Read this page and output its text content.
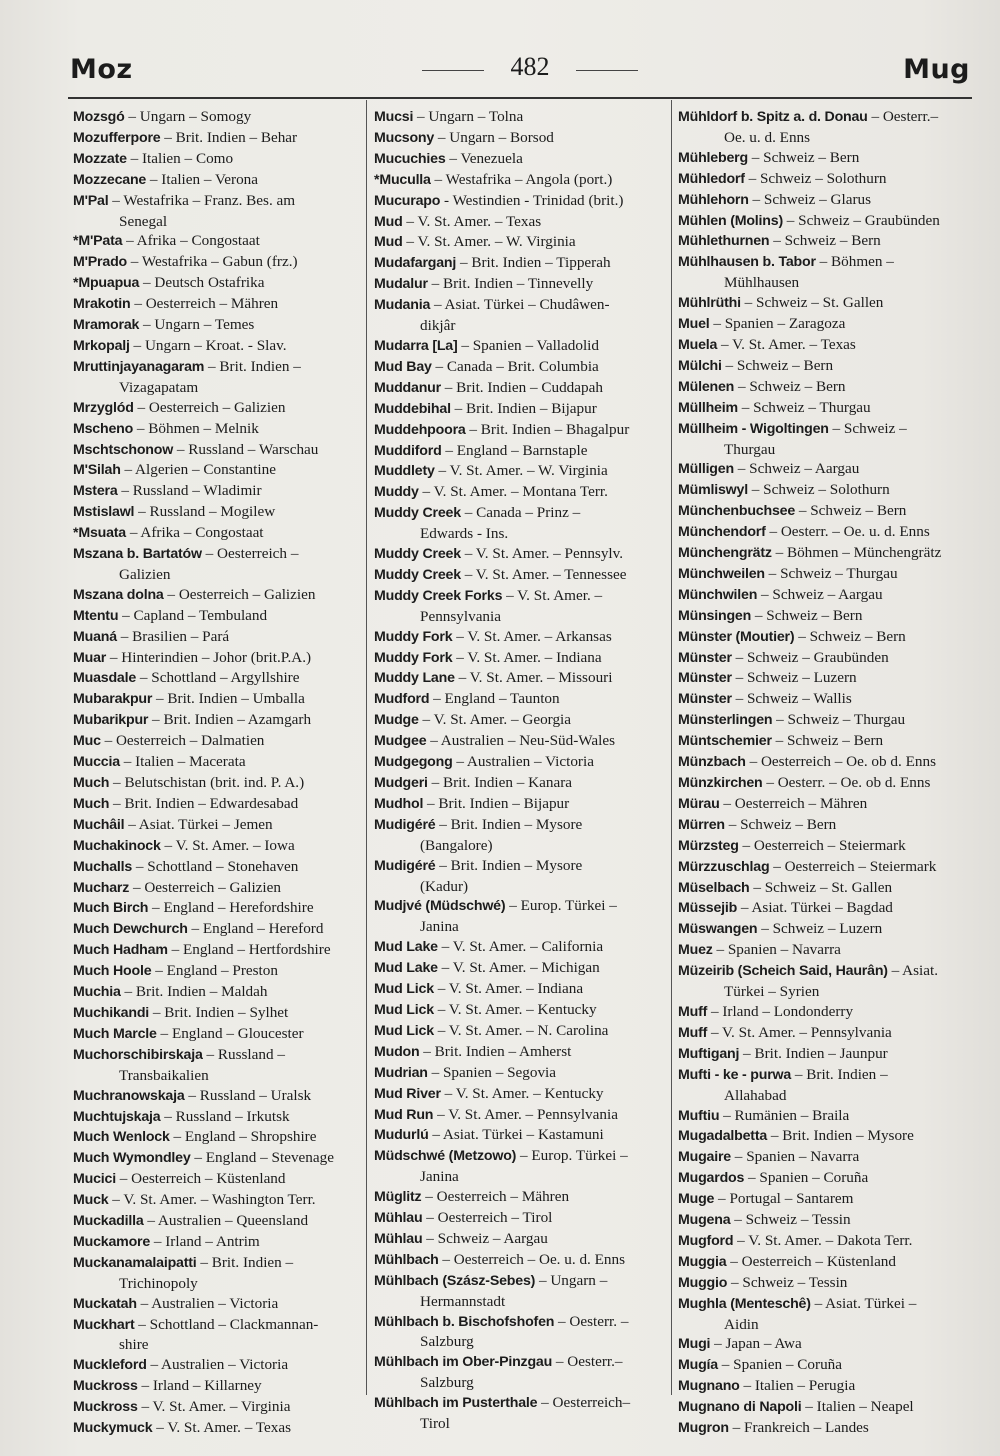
Moz	482	Mug
Mozsgó – Ungarn – Somogy
Mozufferpore – Brit. Indien – Behar
Mozzate – Italien – Como
Mozzecane – Italien – Verona
M'Pal – Westafrika – Franz. Bes. am
Senegal
*M'Pata – Afrika – Congostaat
M'Prado – Westafrika – Gabun (frz.)
*Mpuapua – Deutsch Ostafrika
Mrakotin – Oesterreich – Mähren
Mramorak – Ungarn – Temes
Mrkopalj – Ungarn – Kroat. - Slav.
Mruttinjayanagaram – Brit. Indien –
Vizagapatam
Mrzyglód – Oesterreich – Galizien
Mscheno – Böhmen – Melnik
Mschtschonow – Russland – Warschau
M'Silah – Algerien – Constantine
Mstera – Russland – Wladimir
Mstislawl – Russland – Mogilew
*Msuata – Afrika – Congostaat
Mszana b. Bartatów – Oesterreich –
Galizien
Mszana dolna – Oesterreich – Galizien
Mtentu – Capland – Tembuland
Muaná – Brasilien – Pará
Muar – Hinterindien – Johor (brit.P.A.)
Muasdale – Schottland – Argyllshire
Mubarakpur – Brit. Indien – Umballa
Mubarikpur – Brit. Indien – Azamgarh
Muc – Oesterreich – Dalmatien
Muccia – Italien – Macerata
Much – Belutschistan (brit. ind. P. A.)
Much – Brit. Indien – Edwardesabad
Muchâil – Asiat. Türkei – Jemen
Muchakinock – V. St. Amer. – Iowa
Muchalls – Schottland – Stonehaven
Mucharz – Oesterreich – Galizien
Much Birch – England – Herefordshire
Much Dewchurch – England – Hereford
Much Hadham – England – Hertfordshire
Much Hoole – England – Preston
Muchia – Brit. Indien – Maldah
Muchikandi – Brit. Indien – Sylhet
Much Marcle – England – Gloucester
Muchorschibirskaja – Russland –
Transbaikalien
Muchranowskaja – Russland – Uralsk
Muchtujskaja – Russland – Irkutsk
Much Wenlock – England – Shropshire
Much Wymondley – England – Stevenage
Mucici – Oesterreich – Küstenland
Muck – V. St. Amer. – Washington Terr.
Muckadilla – Australien – Queensland
Muckamore – Irland – Antrim
Muckanamalaipatti – Brit. Indien –
Trichinopoly
Muckatah – Australien – Victoria
Muckhart – Schottland – Clackmannan-
shire
Muckleford – Australien – Victoria
Muckross – Irland – Killarney
Muckross – V. St. Amer. – Virginia
Muckymuck – V. St. Amer. – Texas
Mucsi – Ungarn – Tolna
Mucsony – Ungarn – Borsod
Mucuchies – Venezuela
*Muculla – Westafrika – Angola (port.)
Mucurapo - Westindien - Trinidad (brit.)
Mud – V. St. Amer. – Texas
Mud – V. St. Amer. – W. Virginia
Mudafarganj – Brit. Indien – Tipperah
Mudalur – Brit. Indien – Tinnevelly
Mudania – Asiat. Türkei – Chudâwen-
dikjâr
Mudarra [La] – Spanien – Valladolid
Mud Bay – Canada – Brit. Columbia
Muddanur – Brit. Indien – Cuddapah
Muddebihal – Brit. Indien – Bijapur
Muddehpoora – Brit. Indien – Bhagalpur
Muddiford – England – Barnstaple
Muddlety – V. St. Amer. – W. Virginia
Muddy – V. St. Amer. – Montana Terr.
Muddy Creek – Canada – Prinz –
Edwards - Ins.
Muddy Creek – V. St. Amer. – Pennsylv.
Muddy Creek – V. St. Amer. – Tennessee
Muddy Creek Forks – V. St. Amer. –
Pennsylvania
Muddy Fork – V. St. Amer. – Arkansas
Muddy Fork – V. St. Amer. – Indiana
Muddy Lane – V. St. Amer. – Missouri
Mudford – England – Taunton
Mudge – V. St. Amer. – Georgia
Mudgee – Australien – Neu-Süd-Wales
Mudgegong – Australien – Victoria
Mudgeri – Brit. Indien – Kanara
Mudhol – Brit. Indien – Bijapur
Mudigéré – Brit. Indien – Mysore
(Bangalore)
Mudigéré – Brit. Indien – Mysore
(Kadur)
Mudjvé (Müdschwé) – Europ. Türkei –
Janina
Mud Lake – V. St. Amer. – California
Mud Lake – V. St. Amer. – Michigan
Mud Lick – V. St. Amer. – Indiana
Mud Lick – V. St. Amer. – Kentucky
Mud Lick – V. St. Amer. – N. Carolina
Mudon – Brit. Indien – Amherst
Mudrian – Spanien – Segovia
Mud River – V. St. Amer. – Kentucky
Mud Run – V. St. Amer. – Pennsylvania
Mudurlú – Asiat. Türkei – Kastamuni
Müdschwé (Metzowo) – Europ. Türkei –
Janina
Müglitz – Oesterreich – Mähren
Mühlau – Oesterreich – Tirol
Mühlau – Schweiz – Aargau
Mühlbach – Oesterreich – Oe. u. d. Enns
Mühlbach (Szász-Sebes) – Ungarn –
Hermannstadt
Mühlbach b. Bischofshofen – Oesterr. –
Salzburg
Mühlbach im Ober-Pinzgau – Oesterr.–
Salzburg
Mühlbach im Pusterthale – Oesterreich–
Tirol
Mühldorf b. Spitz a. d. Donau – Oesterr.–
Oe. u. d. Enns
Mühleberg – Schweiz – Bern
Mühledorf – Schweiz – Solothurn
Mühlehorn – Schweiz – Glarus
Mühlen (Molins) – Schweiz – Graubünden
Mühlethurnen – Schweiz – Bern
Mühlhausen b. Tabor – Böhmen –
Mühlhausen
Mühlrüthi – Schweiz – St. Gallen
Muel – Spanien – Zaragoza
Muela – V. St. Amer. – Texas
Mülchi – Schweiz – Bern
Mülenen – Schweiz – Bern
Müllheim – Schweiz – Thurgau
Müllheim - Wigoltingen – Schweiz –
Thurgau
Mülligen – Schweiz – Aargau
Mümliswyl – Schweiz – Solothurn
Münchenbuchsee – Schweiz – Bern
Münchendorf – Oesterr. – Oe. u. d. Enns
Münchengrätz – Böhmen – Münchengrätz
Münchweilen – Schweiz – Thurgau
Münchwilen – Schweiz – Aargau
Münsingen – Schweiz – Bern
Münster (Moutier) – Schweiz – Bern
Münster – Schweiz – Graubünden
Münster – Schweiz – Luzern
Münster – Schweiz – Wallis
Münsterlingen – Schweiz – Thurgau
Müntschemier – Schweiz – Bern
Münzbach – Oesterreich – Oe. ob d. Enns
Münzkirchen – Oesterr. – Oe. ob d. Enns
Mürau – Oesterreich – Mähren
Mürren – Schweiz – Bern
Mürzsteg – Oesterreich – Steiermark
Mürzzuschlag – Oesterreich – Steiermark
Müselbach – Schweiz – St. Gallen
Müssejib – Asiat. Türkei – Bagdad
Müswangen – Schweiz – Luzern
Muez – Spanien – Navarra
Müzeirib (Scheich Said, Haurân) – Asiat.
Türkei – Syrien
Muff – Irland – Londonderry
Muff – V. St. Amer. – Pennsylvania
Muftiganj – Brit. Indien – Jaunpur
Mufti - ke - purwa – Brit. Indien –
Allahabad
Muftiu – Rumänien – Braila
Mugadalbetta – Brit. Indien – Mysore
Mugaire – Spanien – Navarra
Mugardos – Spanien – Coruña
Muge – Portugal – Santarem
Mugena – Schweiz – Tessin
Mugford – V. St. Amer. – Dakota Terr.
Muggia – Oesterreich – Küstenland
Muggio – Schweiz – Tessin
Mughla (Menteschê) – Asiat. Türkei –
Aidin
Mugi – Japan – Awa
Mugía – Spanien – Coruña
Mugnano – Italien – Perugia
Mugnano di Napoli – Italien – Neapel
Mugron – Frankreich – Landes
